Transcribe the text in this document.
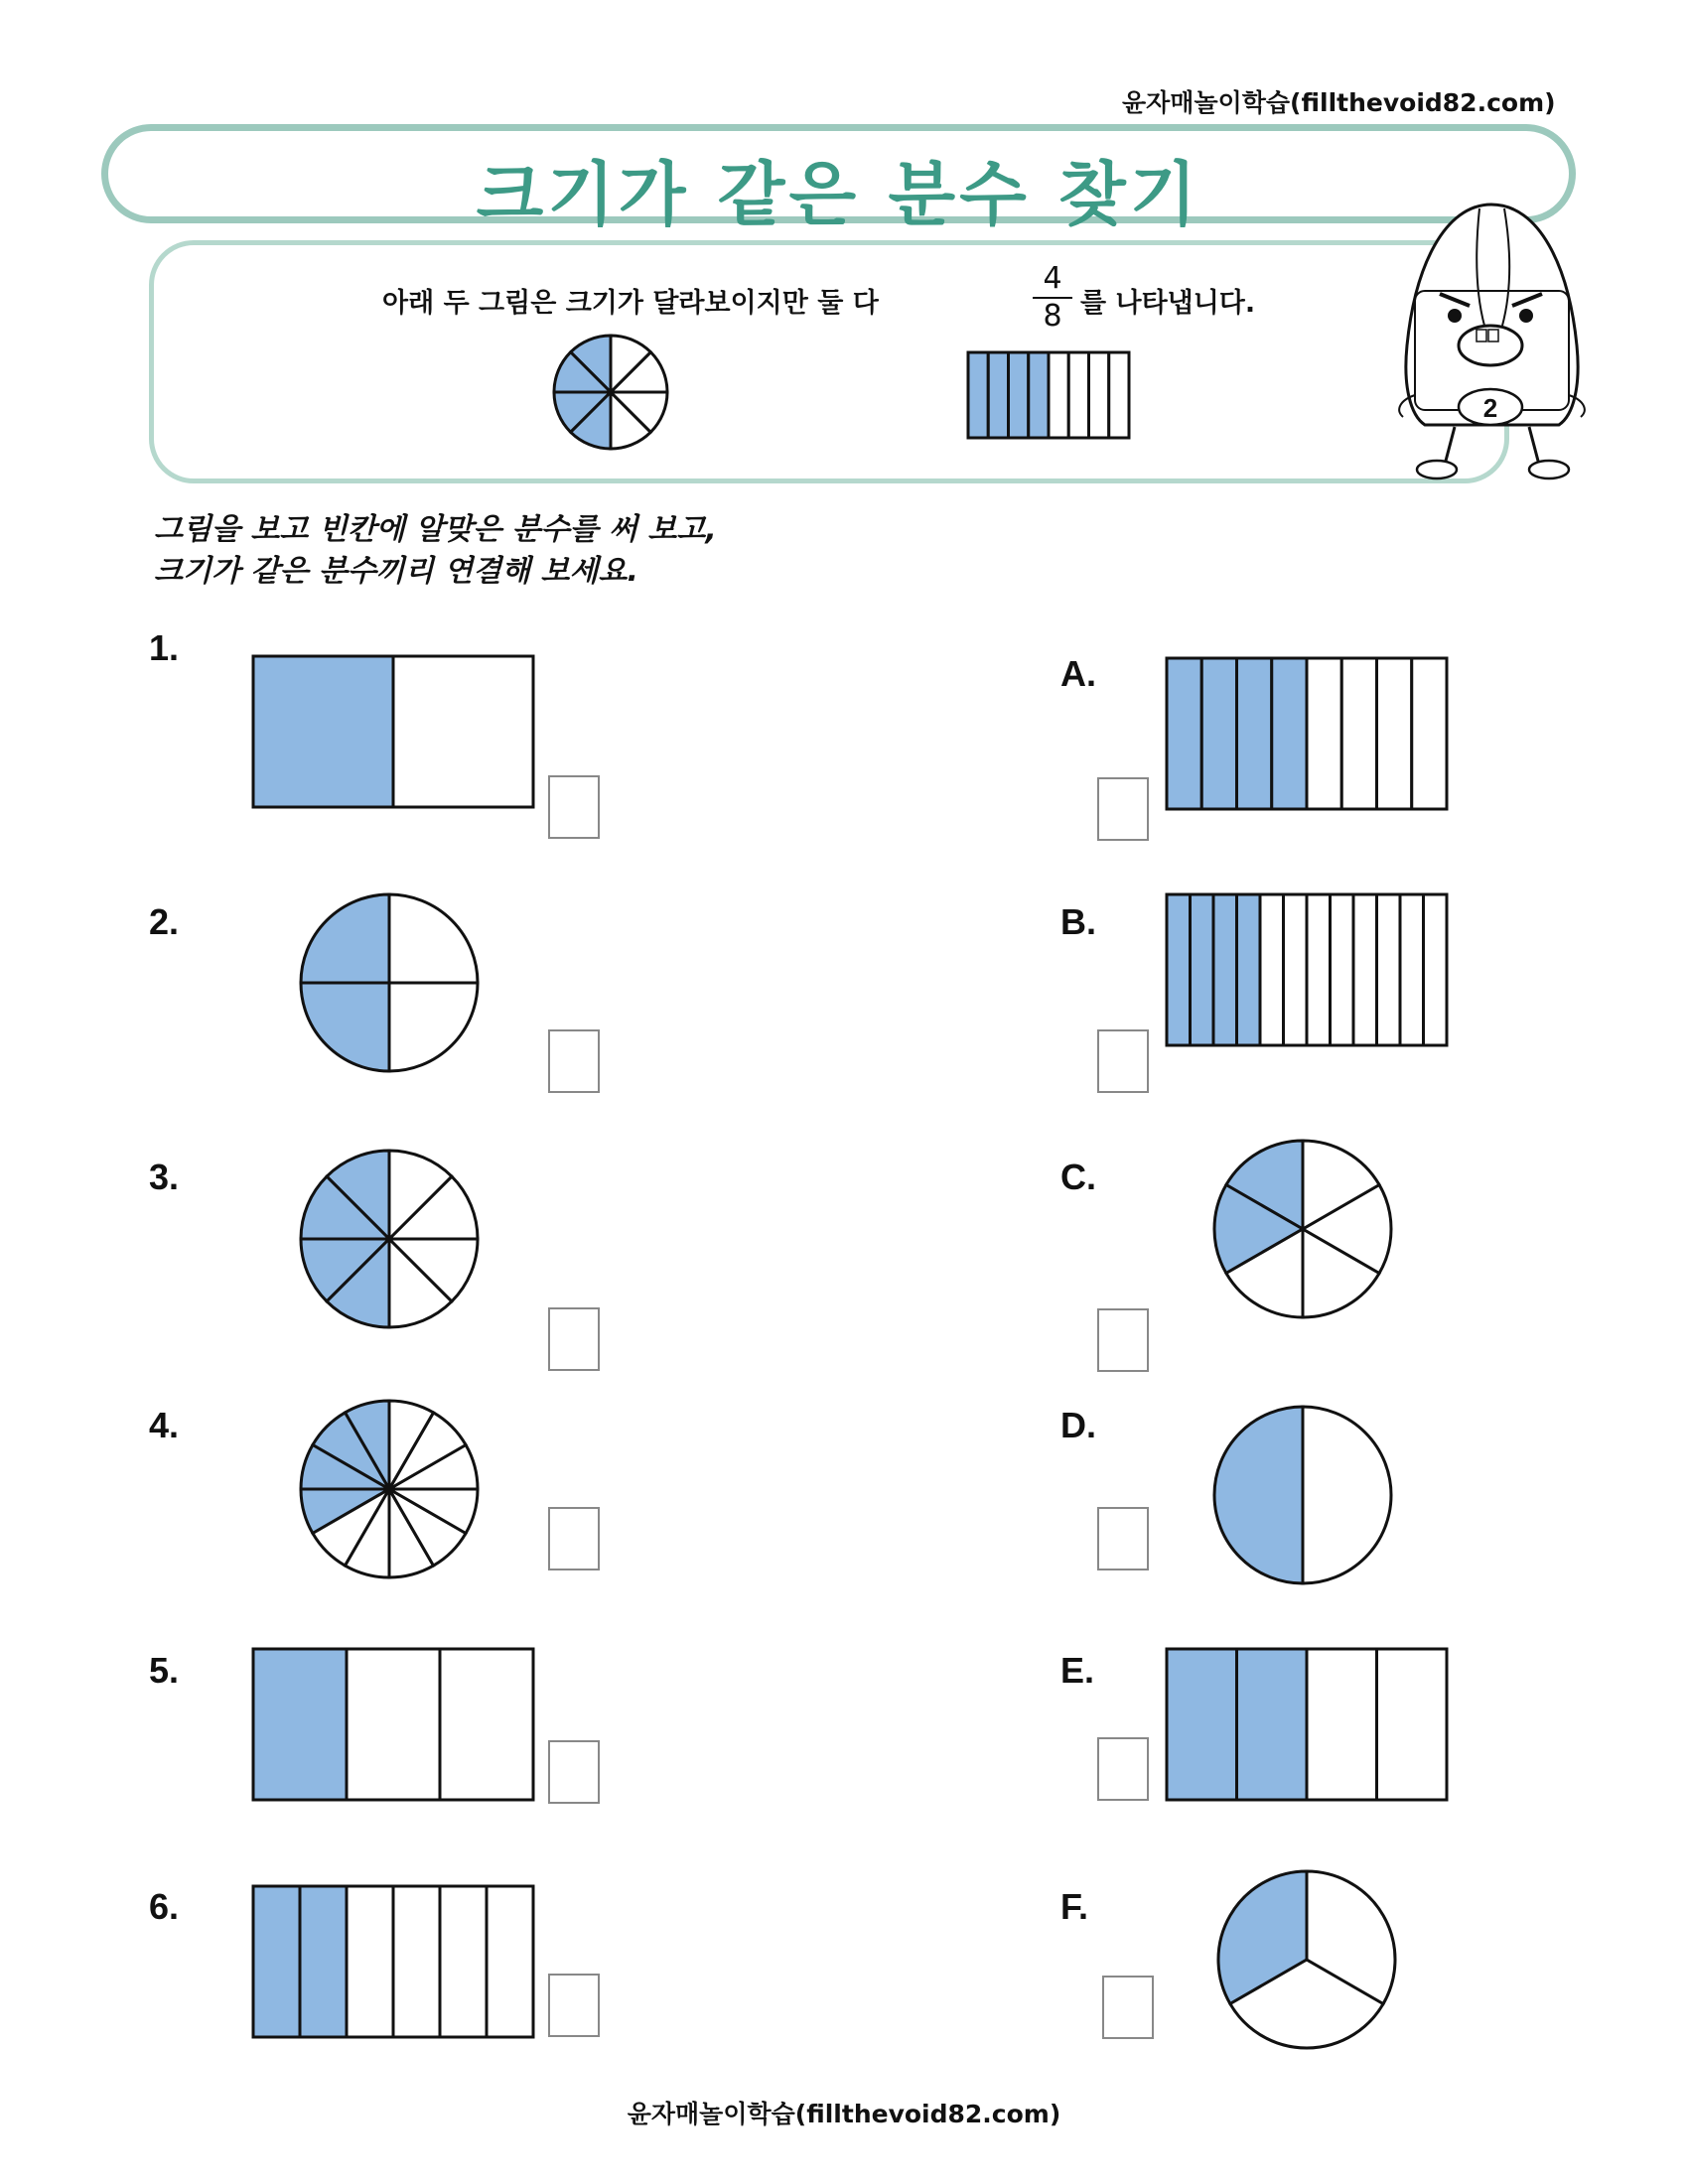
윤자매놀이학습(fillthevoid82.com)
크기가 같은 분수 찾기
아래 두 그림은 크기가 달라보이지만 둘 다
4
8 를 나타냅니다.
2
그림을 보고 빈칸에 알맞은 분수를 써 보고,
크기가 같은 분수끼리 연결해 보세요.
1.
2.
3.
4.
5.
6.
A.
B.
C.
D.
E.
F.
윤자매놀이학습(fillthevoid82.com)
